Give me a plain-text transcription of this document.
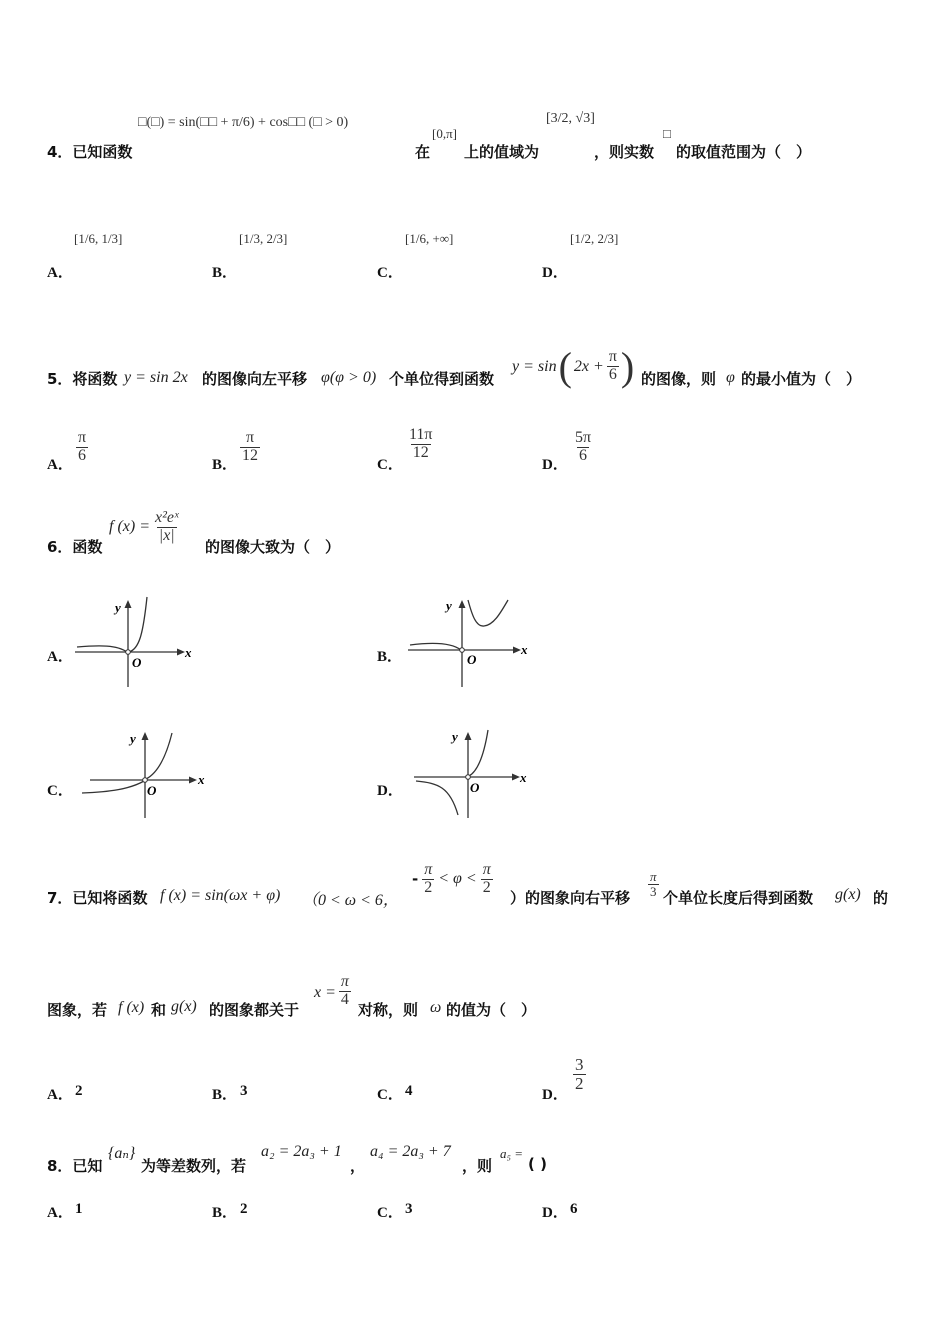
□(□) = sin(□□ + π/6) + cos□□ (□ > 0)
4．已知函数	在
[0,π]
上的值域为
[3/2, √3]
，则实数
□
的取值范围为（　）
A．
[1/6, 1/3]
B．
[1/3, 2/3]
C．
[1/6, +∞]
D．
[1/2, 2/3]
5．将函数 y = sin 2x 的图像向左平移 φ(φ > 0) 个单位得到函数
y = sin ( $2x + \frac{\pi}{6}$ ) 的图像，则 φ 的最小值为（　）
A．
$\frac{\pi}{6}$
B．
$\frac{\pi}{12}$
C．
$\frac{11\pi}{12}$
D．
$\frac{5\pi}{6}$
6．函数
f $(x) = \frac{\text{x²eˣ}}{|x|}$
的图像大致为（　）
A．	x
y
O	B．	x
y
O
C．
x
y
O	D．
x
y
O
7．已知将函数 f (x) = sin(ωx + φ) （0 < ω < 6，
- $\frac{\pi}{2} < \varphi < \frac{\pi}{2}$
）的图象向右平移 $\frac{\pi}{3}$ 个单位长度后得到函数 g(x) 的
图象，若 f (x) 和 g(x) 的图象都关于
$x = \frac{\pi}{4}$
对称，则 ω 的值为（　）
A． 2	B． 3	C． 4	D．
$\frac{3}{2}$
8．已知
{aₙ}
为等差数列，若
a₂ = 2a₃ + 1
，
a₄ = 2a₃ + 7
，则
a₅ =
( )
A． 1	B． 2	C． 3	D． 6
